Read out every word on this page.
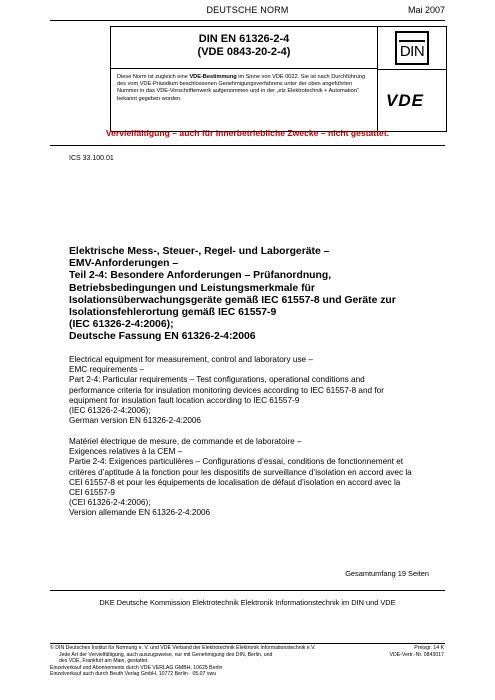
DEUTSCHE NORM	Mai 2007
DIN EN 61326-2-4
(VDE 0843-20-2-4)	DIN
Diese Norm ist zugleich eine VDE-Bestimmung im Sinne von VDE 0022. Sie ist nach Durchführung des vom VDE-Präsidium beschlossenen Genehmigungsverfahrens unter der oben angeführten Nummer in das VDE-Vorschriftenwerk aufgenommen und in der „etz Elektrotechnik + Automation“ bekannt gegeben worden.	VDE
Vervielfältigung – auch für innerbetriebliche Zwecke – nicht gestattet.
ICS 33.100.01
Elektrische Mess-, Steuer-, Regel- und Laborgeräte –
EMV-Anforderungen –
Teil 2-4: Besondere Anforderungen – Prüfanordnung,
Betriebsbedingungen und Leistungsmerkmale für
Isolationsüberwachungsgeräte gemäß IEC 61557-8 und Geräte zur
Isolationsfehlerortung gemäß IEC 61557-9
(IEC 61326-2-4:2006);
Deutsche Fassung EN 61326-2-4:2006
Electrical equipment for measurement, control and laboratory use –
EMC requirements –
Part 2-4: Particular requirements – Test configurations, operational conditions and
performance criteria for insulation monitoring devices according to IEC 61557-8 and for
equipment for insulation fault location according to IEC 61557-9
(IEC 61326-2-4:2006);
German version EN 61326-2-4:2006
Matériel électrique de mesure, de commande et de laboratoire –
Exigences relatives à la CEM –
Partie 2-4: Exigences particulières – Configurations d’essai, conditions de fonctionnement et
critères d’aptitude à la fonction pour les dispositifs de surveillance d’isolation en accord avec la
CEI 61557-8 et pour les équipements de localisation de défaut d’isolation en accord avec la
CEI 61557-9
(CEI 61326-2-4:2006);
Version allemande EN 61326-2-4:2006
Gesamtumfang 19 Seiten
DKE Deutsche Kommission Elektrotechnik Elektronik Informationstechnik im DIN und VDE
© DIN Deutsches Institut für Normung e. V. und VDE Verband der Elektrotechnik Elektronik Informationstechnik e.V.
Jede Art der Vervielfältigung, auch auszugsweise, nur mit Genehmigung des DIN, Berlin, und
des VDE, Frankfurt am Main, gestattet.
Einzelverkauf und Abonnements durch VDE VERLAG GMBH, 10625 Berlin
Einzelverkauf auch durch Beuth Verlag GmbH, 10772 Berlin · 05.07 vwu
Preisgr. 14 K
VDE-Vertr.-Nr. 0843017
